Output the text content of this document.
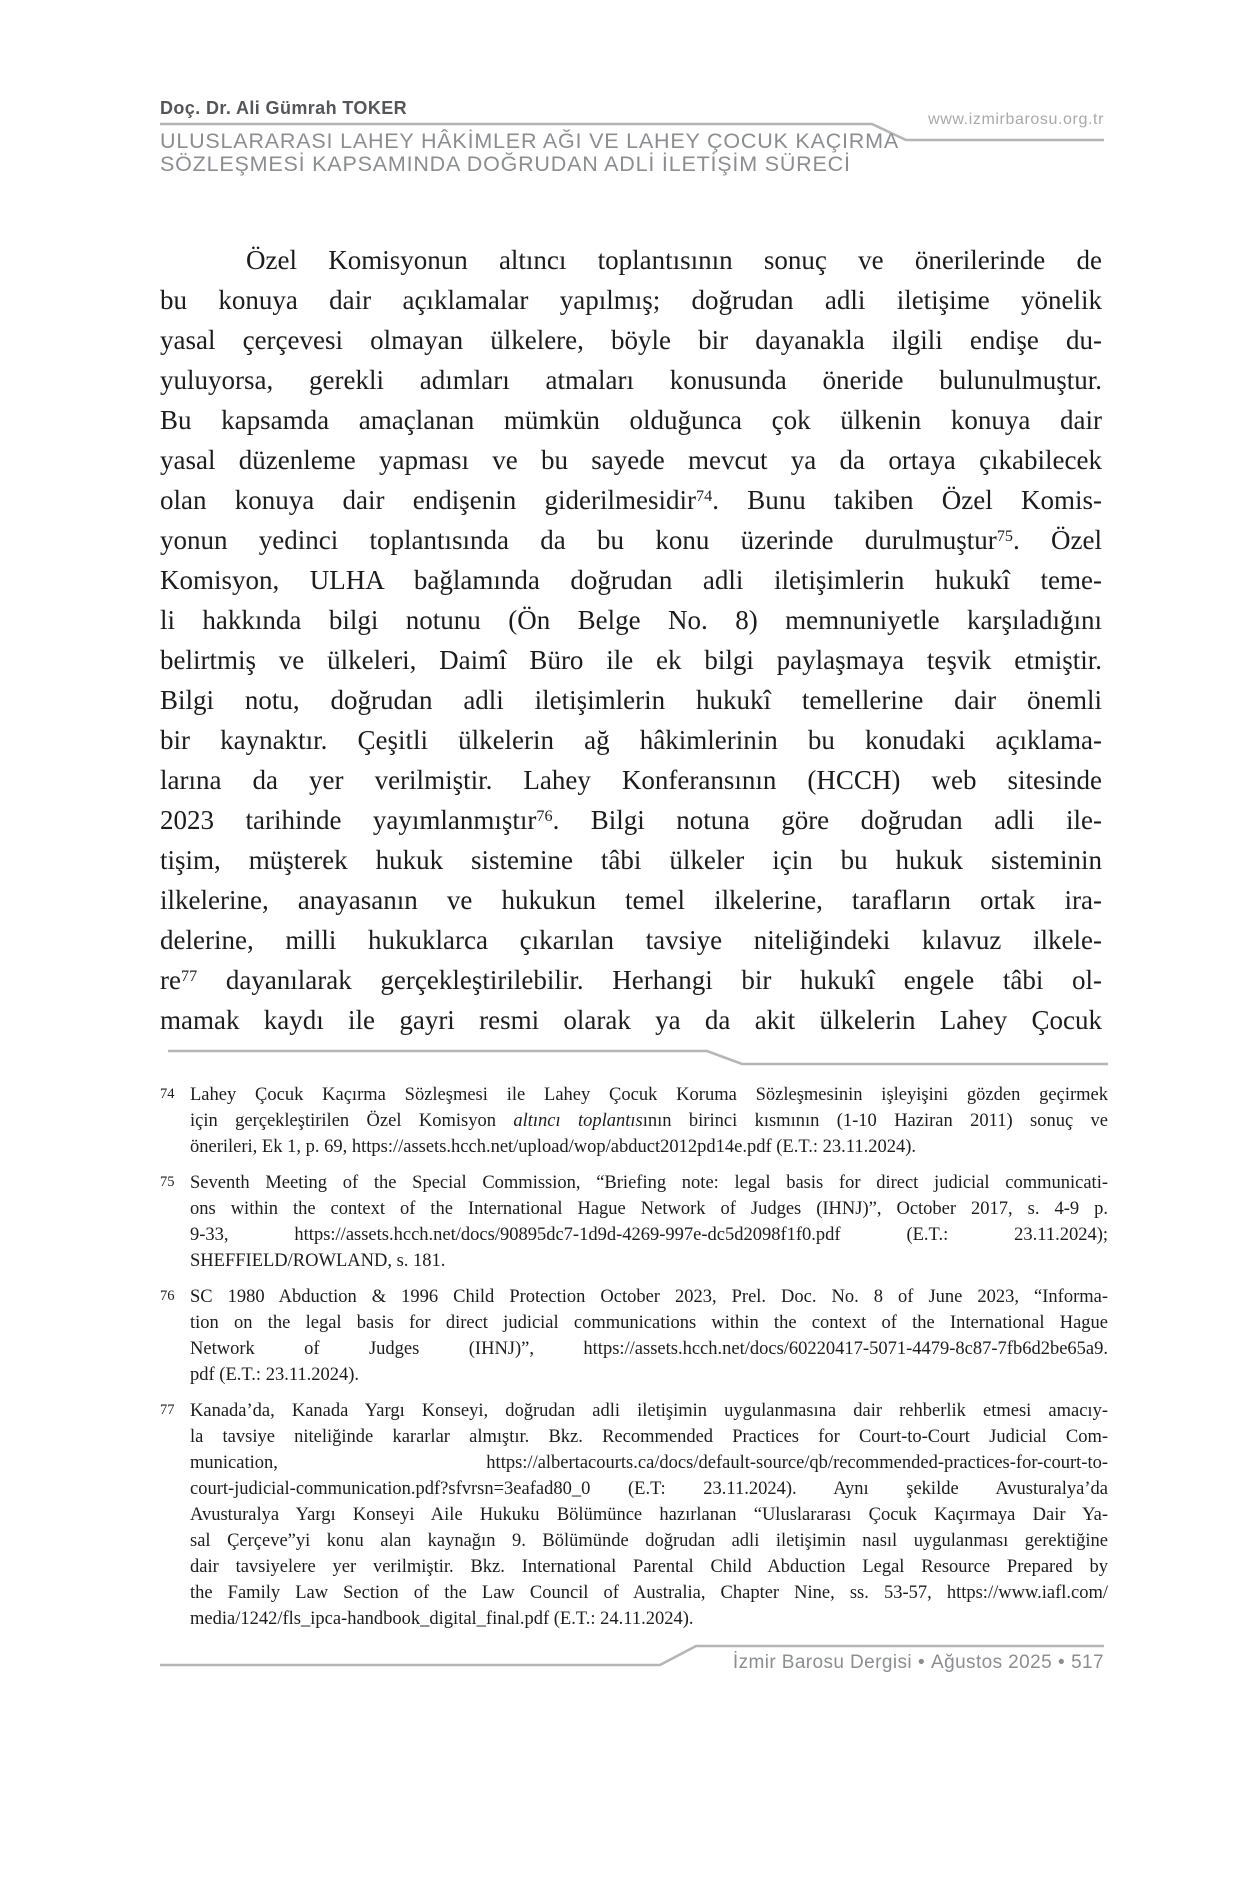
Doç. Dr. Ali Gümrah TOKER
www.izmirbarosu.org.tr
ULUSLARARASI LAHEY HÂKİMLER AĞI VE LAHEY ÇOCUK KAÇIRMA
SÖZLEŞMESİ KAPSAMINDA DOĞRUDAN ADLİ İLETİŞİM SÜRECİ
Özel Komisyonun altıncı toplantısının sonuç ve önerilerinde de
bu konuya dair açıklamalar yapılmış; doğrudan adli iletişime yönelik
yasal çerçevesi olmayan ülkelere, böyle bir dayanakla ilgili endişe du-
yuluyorsa, gerekli adımları atmaları konusunda öneride bulunulmuştur.
Bu kapsamda amaçlanan mümkün olduğunca çok ülkenin konuya dair
yasal düzenleme yapması ve bu sayede mevcut ya da ortaya çıkabilecek
olan konuya dair endişenin giderilmesidir$^{74}$. Bunu takiben Özel Komis-
yonun yedinci toplantısında da bu konu üzerinde durulmuştur$^{75}$. Özel
Komisyon, ULHA bağlamında doğrudan adli iletişimlerin hukukî teme-
li hakkında bilgi notunu (Ön Belge No. 8) memnuniyetle karşıladığını
belirtmiş ve ülkeleri, Daimî Büro ile ek bilgi paylaşmaya teşvik etmiştir.
Bilgi notu, doğrudan adli iletişimlerin hukukî temellerine dair önemli
bir kaynaktır. Çeşitli ülkelerin ağ hâkimlerinin bu konudaki açıklama-
larına da yer verilmiştir. Lahey Konferansının (HCCH) web sitesinde
2023 tarihinde yayımlanmıştır$^{76}$. Bilgi notuna göre doğrudan adli ile-
tişim, müşterek hukuk sistemine tâbi ülkeler için bu hukuk sisteminin
ilkelerine, anayasanın ve hukukun temel ilkelerine, tarafların ortak ira-
delerine, milli hukuklarca çıkarılan tavsiye niteliğindeki kılavuz ilkele-
$re^{77}$ dayanılarak gerçekleştirilebilir. Herhangi bir hukukî engele tâbi ol-
mamak kaydı ile gayri resmi olarak ya da akit ülkelerin Lahey Çocuk
74 Lahey Çocuk Kaçırma Sözleşmesi ile Lahey Çocuk Koruma Sözleşmesinin işleyişini gözden geçirmek
için gerçekleştirilen Özel Komisyon altıncı toplantısının birinci kısmının (1-10 Haziran 2011) sonuç ve
önerileri, Ek 1, p. 69, https://assets.hcch.net/upload/wop/abduct2012pd14e.pdf (E.T.: 23.11.2024).
75 Seventh Meeting of the Special Commission, “Briefing note: legal basis for direct judicial communicati-
ons within the context of the International Hague Network of Judges (IHNJ)”, October 2017, s. 4-9 p.
9-33, https://assets.hcch.net/docs/90895dc7-1d9d-4269-997e-dc5d2098f1f0.pdf (E.T.: 23.11.2024);
SHEFFIELD/ROWLAND, s. 181.
76 SC 1980 Abduction & 1996 Child Protection October 2023, Prel. Doc. No. 8 of June 2023, “Informa-
tion on the legal basis for direct judicial communications within the context of the International Hague
Network of Judges (IHNJ)”, https://assets.hcch.net/docs/60220417-5071-4479-8c87-7fb6d2be65a9.
pdf (E.T.: 23.11.2024).
77 Kanada’da, Kanada Yargı Konseyi, doğrudan adli iletişimin uygulanmasına dair rehberlik etmesi amacıy-
la tavsiye niteliğinde kararlar almıştır. Bkz. Recommended Practices for Court-to-Court Judicial Com-
munication, https://albertacourts.ca/docs/default-source/qb/recommended-practices-for-court-to-
court-judicial-communication.pdf?sfvrsn=3eafad80_0 (E.T: 23.11.2024). Aynı şekilde Avusturalya’da
Avusturalya Yargı Konseyi Aile Hukuku Bölümünce hazırlanan “Uluslararası Çocuk Kaçırmaya Dair Ya-
sal Çerçeve”yi konu alan kaynağın 9. Bölümünde doğrudan adli iletişimin nasıl uygulanması gerektiğine
dair tavsiyelere yer verilmiştir. Bkz. International Parental Child Abduction Legal Resource Prepared by
the Family Law Section of the Law Council of Australia, Chapter Nine, ss. 53-57, https://www.iafl.com/
media/1242/fls_ipca-handbook_digital_final.pdf (E.T.: 24.11.2024).
İzmir Barosu Dergisi • Ağustos 2025 • 517
